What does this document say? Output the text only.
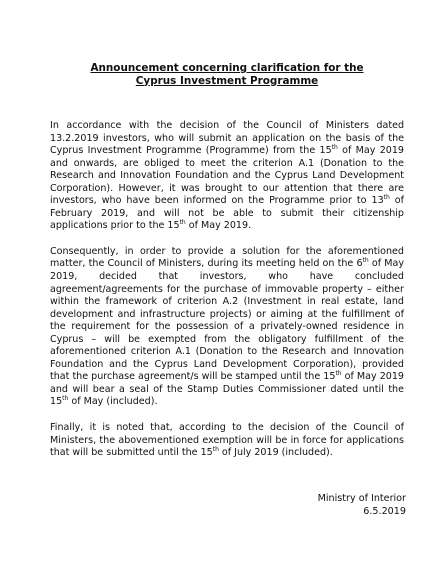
Announcement concerning clarification for the
Cyprus Investment Programme

In accordance with the decision of the Council of Ministers dated 13.2.2019 investors, who will submit an application on the basis of the Cyprus Investment Programme (Programme) from the 15th of May 2019 and onwards, are obliged to meet the criterion A.1 (Donation to the Research and Innovation Foundation and the Cyprus Land Development Corporation). However, it was brought to our attention that there are investors, who have been informed on the Programme prior to 13th of February 2019, and will not be able to submit their citizenship applications prior to the 15th of May 2019.

Consequently, in order to provide a solution for the aforementioned matter, the Council of Ministers, during its meeting held on the 6th of May 2019, decided that investors, who have concluded agreement/agreements for the purchase of immovable property – either within the framework of criterion A.2 (Investment in real estate, land development and infrastructure projects) or aiming at the fulfillment of the requirement for the possession of a privately-owned residence in Cyprus – will be exempted from the obligatory fulfillment of the aforementioned criterion A.1 (Donation to the Research and Innovation Foundation and the Cyprus Land Development Corporation), provided that the purchase agreement/s will be stamped until the 15th of May 2019 and will bear a seal of the Stamp Duties Commissioner dated until the 15th of May (included).

Finally, it is noted that, according to the decision of the Council of Ministers, the abovementioned exemption will be in force for applications that will be submitted until the 15th of July 2019 (included).

Ministry of Interior
6.5.2019
